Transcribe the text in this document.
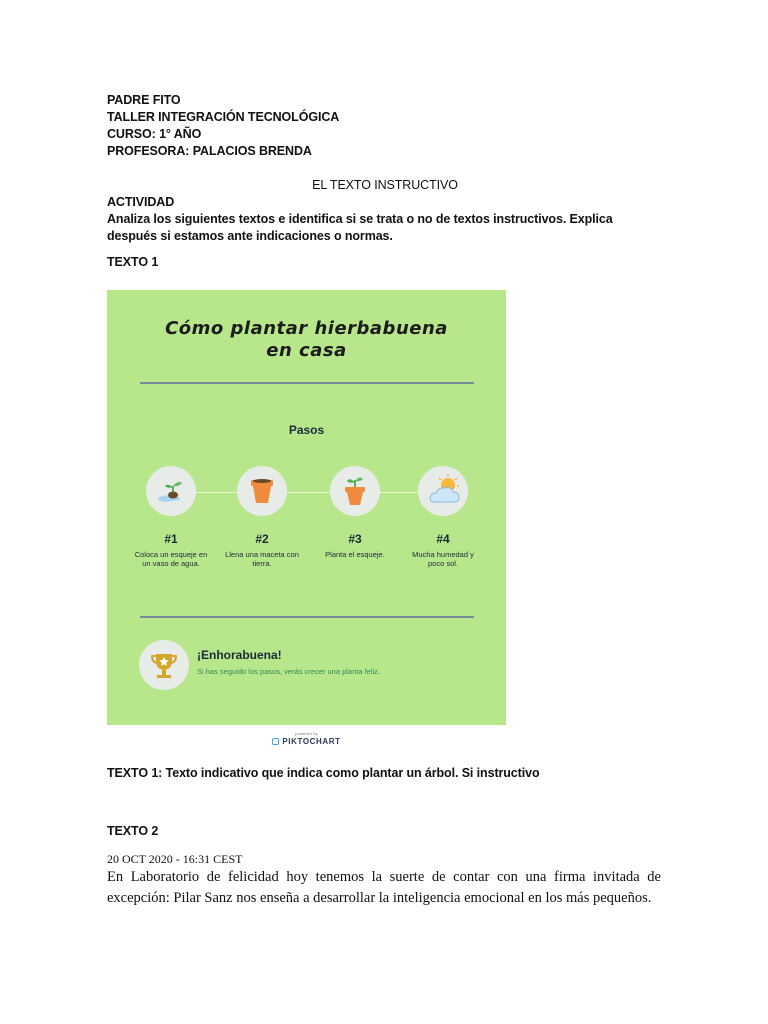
PADRE FITO
TALLER INTEGRACIÓN TECNOLÓGICA
CURSO: 1° AÑO
PROFESORA: PALACIOS BRENDA
EL TEXTO INSTRUCTIVO
ACTIVIDAD
Analiza los siguientes textos e identifica si se trata o no de textos instructivos. Explica después si estamos ante indicaciones o normas.
TEXTO 1
Cómo plantar hierbabuena
en casa
Pasos
#1
Coloca un esqueje en un vaso de agua.
#2
Llena una maceta con tierra.
#3
Planta el esqueje.
#4
Mucha humedad y poco sol.
¡Enhorabuena!
Si has seguido los pasos, verás crecer una planta feliz.
powered by
PIKTOCHART
TEXTO 1: Texto indicativo que indica como plantar un árbol. Si instructivo
TEXTO 2
20 OCT 2020 - 16:31 CEST
En Laboratorio de felicidad hoy tenemos la suerte de contar con una firma invitada de excepción: Pilar Sanz nos enseña a desarrollar la inteligencia emocional en los más pequeños.
